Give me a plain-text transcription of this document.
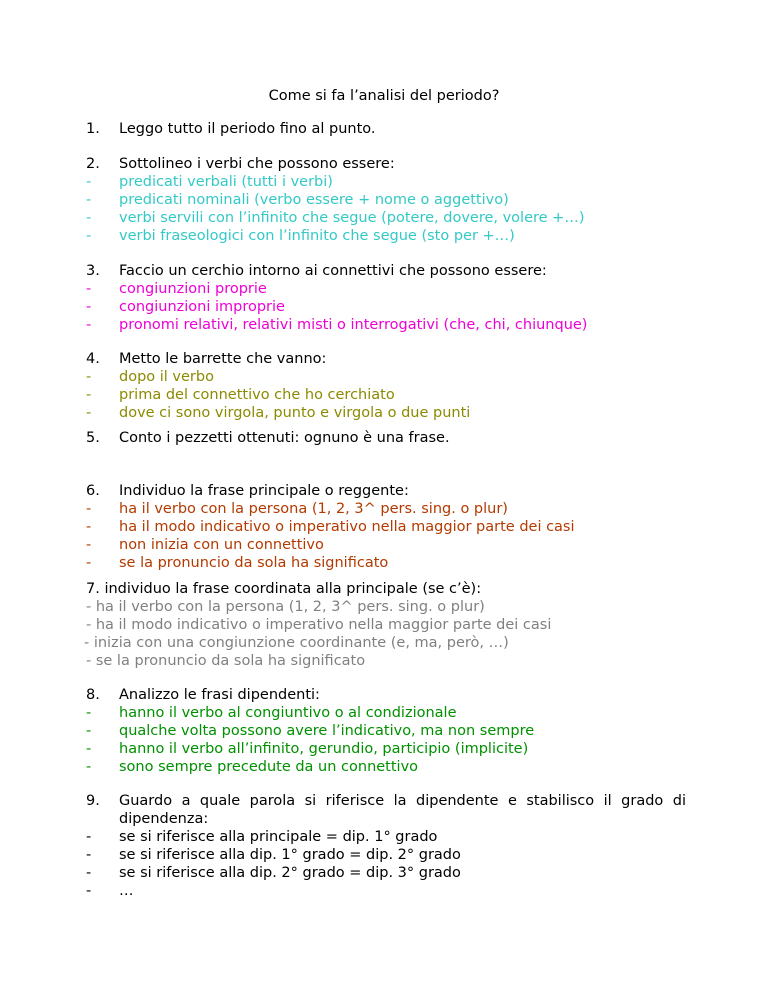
Come si fa l’analisi del periodo?
1.	Leggo tutto il periodo fino al punto.
2.	Sottolineo i verbi che possono essere:
-	predicati verbali (tutti i verbi)
-	predicati nominali (verbo essere + nome o aggettivo)
-	verbi servili con l’infinito che segue (potere, dovere, volere +…)
-	verbi fraseologici con l’infinito che segue (sto per +…)
3.	Faccio un cerchio intorno ai connettivi che possono essere:
-	congiunzioni proprie
-	congiunzioni improprie
-	pronomi relativi, relativi misti o interrogativi (che, chi, chiunque)
4.	Metto le barrette che vanno:
-	dopo il verbo
-	prima del connettivo che ho cerchiato
-	dove ci sono virgola, punto e virgola o due punti
5.	Conto i pezzetti ottenuti: ognuno è una frase.
6.	Individuo la frase principale o reggente:
-	ha il verbo con la persona (1, 2, 3^ pers. sing. o plur)
-	ha il modo indicativo o imperativo nella maggior parte dei casi
-	non inizia con un connettivo
-	se la pronuncio da sola ha significato
7. individuo la frase coordinata alla principale (se c’è):
- ha il verbo con la persona (1, 2, 3^ pers. sing. o plur)
- ha il modo indicativo o imperativo nella maggior parte dei casi
- inizia con una congiunzione coordinante (e, ma, però, …)
- se la pronuncio da sola ha significato
8.	Analizzo le frasi dipendenti:
-	hanno il verbo al congiuntivo o al condizionale
-	qualche volta possono avere l’indicativo, ma non sempre
-	hanno il verbo all’infinito, gerundio, participio (implicite)
-	sono sempre precedute da un connettivo
9.	Guardo a quale parola si riferisce la dipendente e stabilisco il grado di dipendenza:
-	se si riferisce alla principale = dip. 1° grado
-	se si riferisce alla dip. 1° grado = dip. 2° grado
-	se si riferisce alla dip. 2° grado = dip. 3° grado
-	…
